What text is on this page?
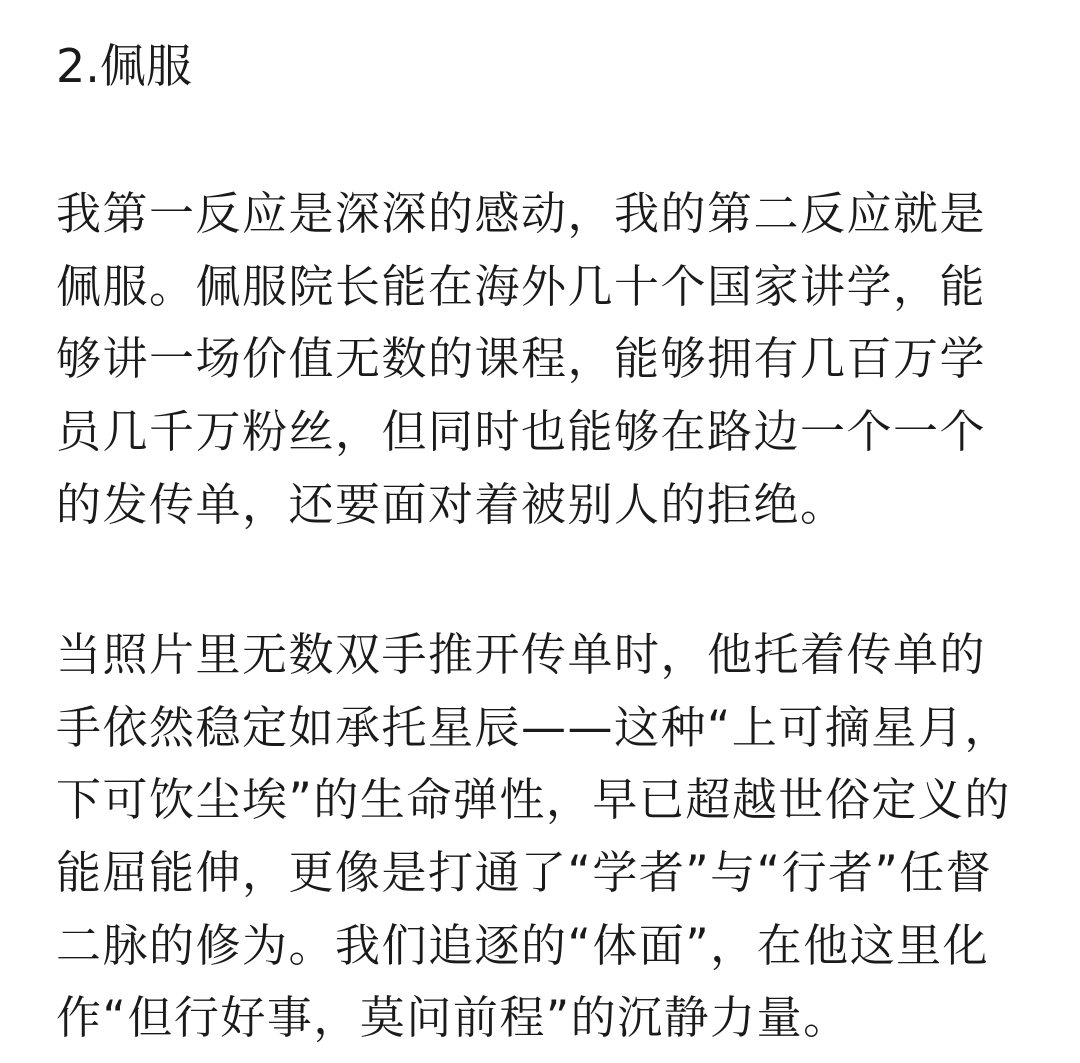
2.佩服

我第一反应是深深的感动，我的第二反应就是
佩服。佩服院长能在海外几十个国家讲学，能
够讲一场价值无数的课程，能够拥有几百万学
员几千万粉丝，但同时也能够在路边一个一个
的发传单，还要面对着被别人的拒绝。

当照片里无数双手推开传单时，他托着传单的
手依然稳定如承托星辰——这种“上可摘星月，
下可饮尘埃”的生命弹性，早已超越世俗定义的
能屈能伸，更像是打通了“学者”与“行者”任督
二脉的修为。我们追逐的“体面”，在他这里化
作“但行好事，莫问前程”的沉静力量。
